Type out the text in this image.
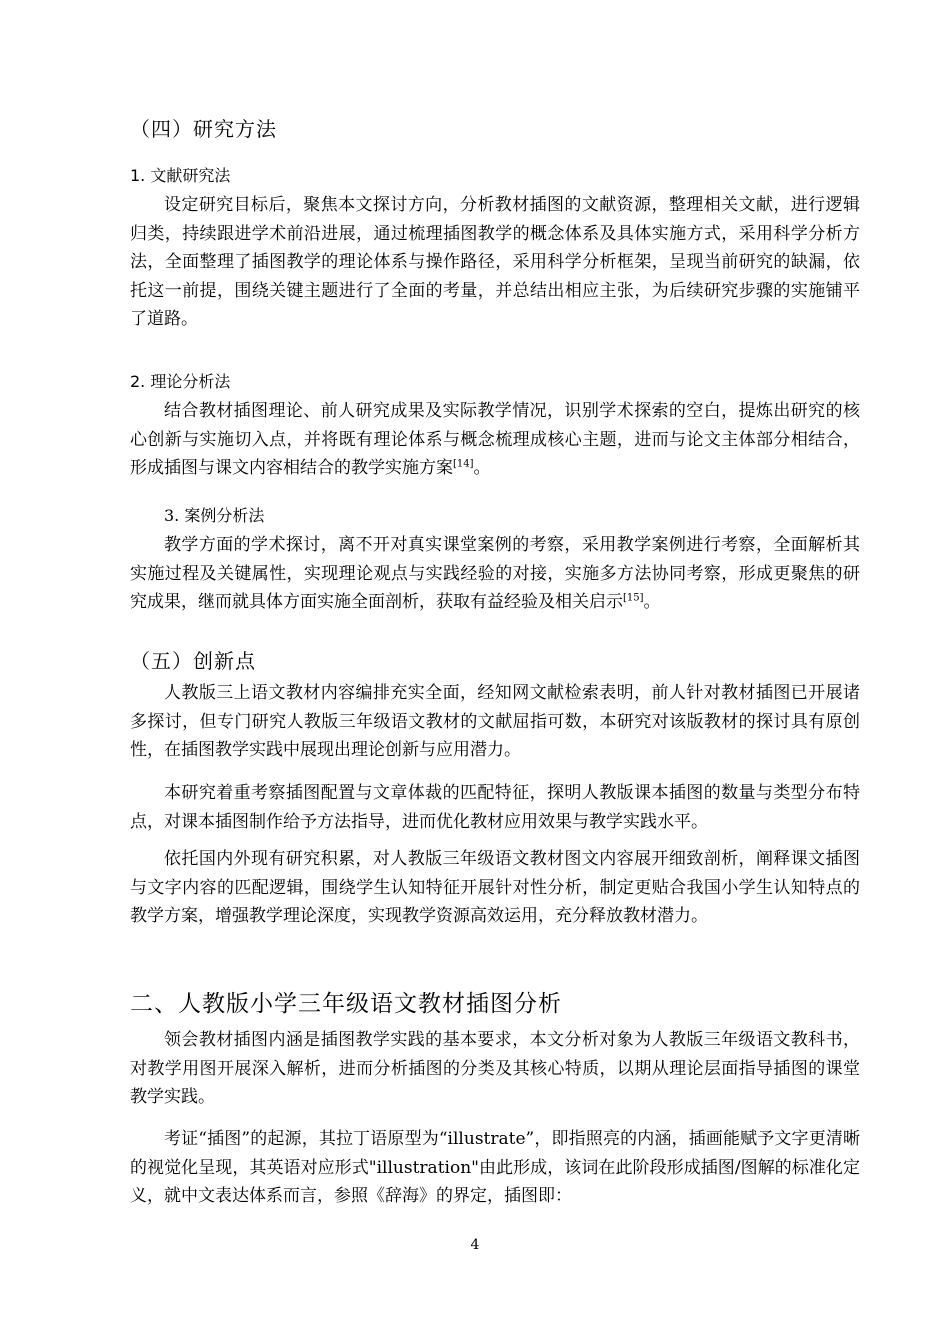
（四）研究方法
1. 文献研究法
设定研究目标后，聚焦本文探讨方向，分析教材插图的文献资源，整理相关文献，进行逻辑归类，持续跟进学术前沿进展，通过梳理插图教学的概念体系及具体实施方式，采用科学分析方法，全面整理了插图教学的理论体系与操作路径，采用科学分析框架，呈现当前研究的缺漏，依托这一前提，围绕关键主题进行了全面的考量，并总结出相应主张，为后续研究步骤的实施铺平了道路。
2. 理论分析法
结合教材插图理论、前人研究成果及实际教学情况，识别学术探索的空白，提炼出研究的核心创新与实施切入点，并将既有理论体系与概念梳理成核心主题，进而与论文主体部分相结合，形成插图与课文内容相结合的教学实施方案[14]。
3. 案例分析法
教学方面的学术探讨，离不开对真实课堂案例的考察，采用教学案例进行考察，全面解析其实施过程及关键属性，实现理论观点与实践经验的对接，实施多方法协同考察，形成更聚焦的研究成果，继而就具体方面实施全面剖析，获取有益经验及相关启示[15]。
（五）创新点
人教版三上语文教材内容编排充实全面，经知网文献检索表明，前人针对教材插图已开展诸多探讨，但专门研究人教版三年级语文教材的文献屈指可数，本研究对该版教材的探讨具有原创性，在插图教学实践中展现出理论创新与应用潜力。
本研究着重考察插图配置与文章体裁的匹配特征，探明人教版课本插图的数量与类型分布特点，对课本插图制作给予方法指导，进而优化教材应用效果与教学实践水平。
依托国内外现有研究积累，对人教版三年级语文教材图文内容展开细致剖析，阐释课文插图与文字内容的匹配逻辑，围绕学生认知特征开展针对性分析，制定更贴合我国小学生认知特点的教学方案，增强教学理论深度，实现教学资源高效运用，充分释放教材潜力。
二、人教版小学三年级语文教材插图分析
领会教材插图内涵是插图教学实践的基本要求，本文分析对象为人教版三年级语文教科书，对教学用图开展深入解析，进而分析插图的分类及其核心特质，以期从理论层面指导插图的课堂教学实践。
考证“插图”的起源，其拉丁语原型为“illustrate”，即指照亮的内涵，插画能赋予文字更清晰的视觉化呈现，其英语对应形式"illustration"由此形成，该词在此阶段形成插图/图解的标准化定义，就中文表达体系而言，参照《辞海》的界定，插图即：
4
